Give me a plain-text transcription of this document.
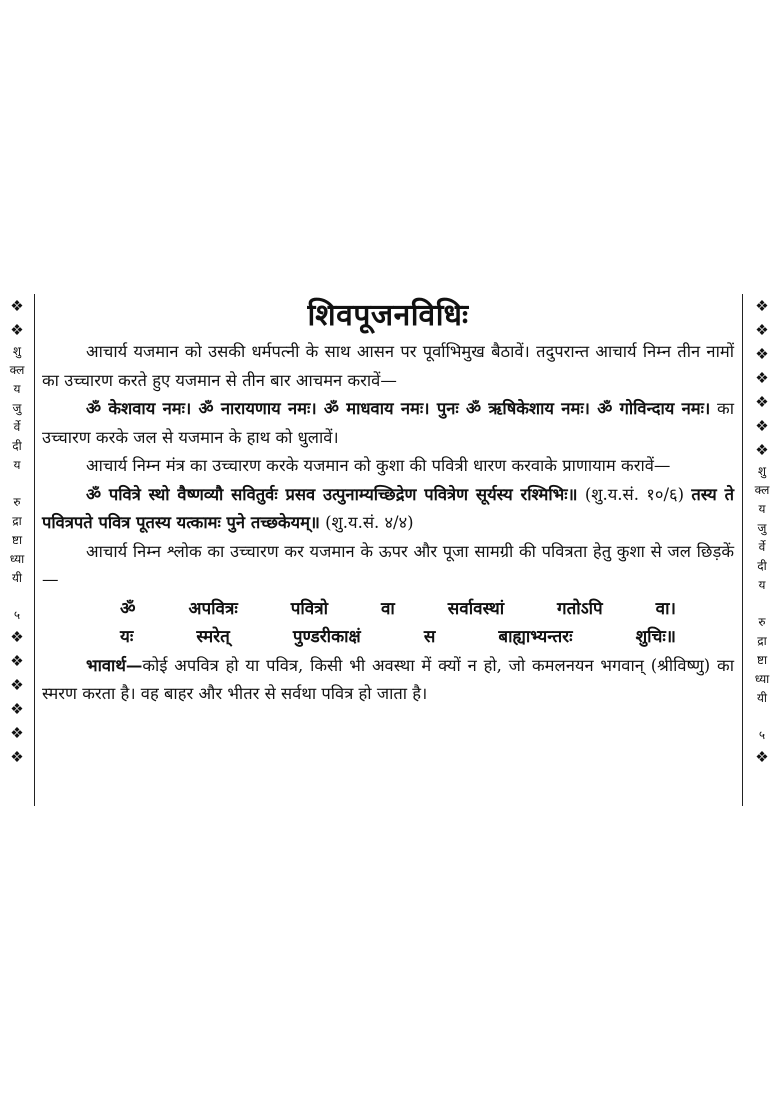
❖
❖
शु
क्ल
य
जु
र्वे
दी
य
रु
द्रा
ष्टा
ध्या
यी
५
❖
❖
❖
❖
❖
❖
शिवपूजनविधिः

आचार्य यजमान को उसकी धर्मपत्नी के साथ आसन पर पूर्वाभिमुख बैठावें। तदुपरान्त आचार्य निम्न तीन नामों का उच्चारण करते हुए यजमान से तीन बार आचमन करावें—

ॐ केशवाय नमः। ॐ नारायणाय नमः। ॐ माधवाय नमः। पुनः ॐ ऋषिकेशाय नमः। ॐ गोविन्दाय नमः। का उच्चारण करके जल से यजमान के हाथ को धुलावें।

आचार्य निम्न मंत्र का उच्चारण करके यजमान को कुशा की पवित्री धारण करवाके प्राणायाम करावें—

ॐ पवित्रे स्थो वैष्णव्यौ सवितुर्वः प्रसव उत्पुनाम्यच्छिद्रेण पवित्रेण सूर्यस्य रश्मिभिः॥ (शु.य.सं. १०/६) तस्य ते पवित्रपते पवित्र पूतस्य यत्कामः पुने तच्छकेयम्॥ (शु.य.सं. ४/४)

आचार्य निम्न श्लोक का उच्चारण कर यजमान के ऊपर और पूजा सामग्री की पवित्रता हेतु कुशा से जल छिड़कें—

ॐ	अपवित्रः	पवित्रो	वा	सर्वावस्थां	गतोऽपि	वा।
यः	स्मरेत्	पुण्डरीकाक्षं	स	बाह्याभ्यन्तरः	शुचिः॥

भावार्थ—कोई अपवित्र हो या पवित्र, किसी भी अवस्था में क्यों न हो, जो कमलनयन भगवान् (श्रीविष्णु) का स्मरण करता है। वह बाहर और भीतर से सर्वथा पवित्र हो जाता है।

❖
❖
❖
❖
❖
❖
❖
शु
क्ल
य
जु
र्वे
दी
य
रु
द्रा
ष्टा
ध्या
यी
५
❖
